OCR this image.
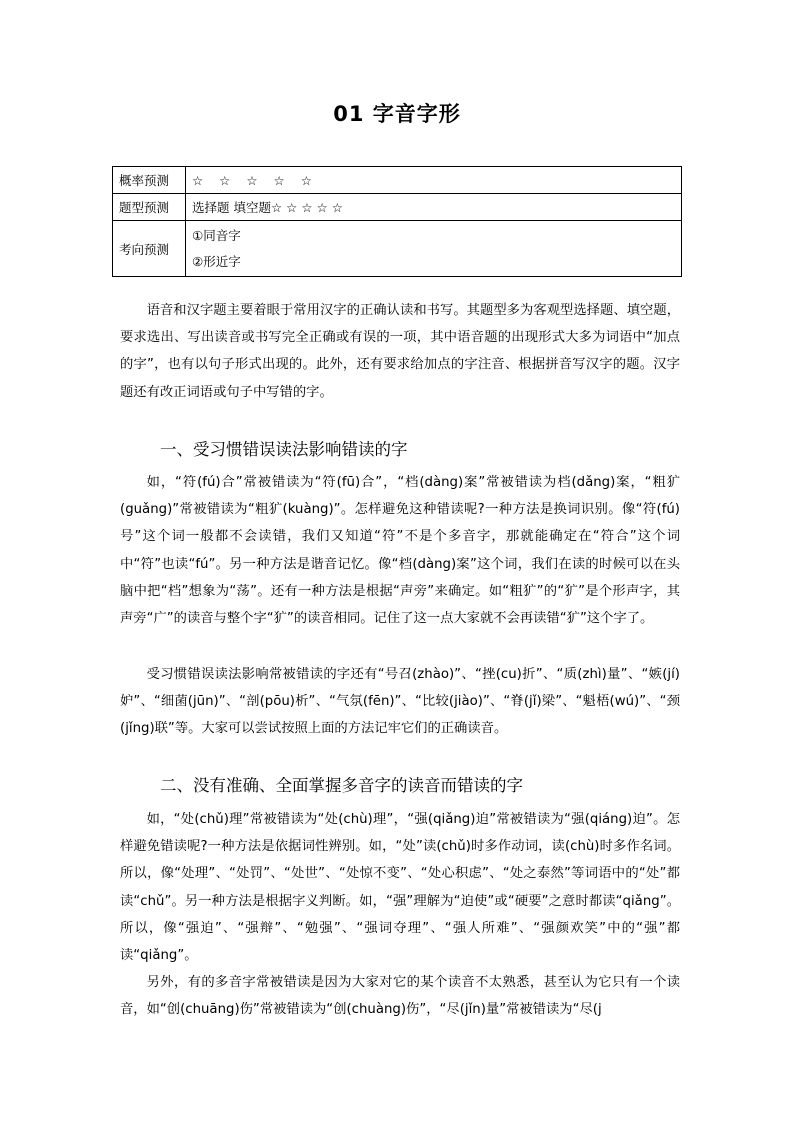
01 字音字形
概率预测	☆ ☆ ☆ ☆ ☆
题型预测	选择题 填空题☆ ☆ ☆ ☆ ☆
考向预测	①同音字
②形近字

语音和汉字题主要着眼于常用汉字的正确认读和书写。其题型多为客观型选择题、填空题，要求选出、写出读音或书写完全正确或有误的一项，其中语音题的出现形式大多为词语中“加点的字”，也有以句子形式出现的。此外，还有要求给加点的字注音、根据拼音写汉字的题。汉字题还有改正词语或句子中写错的字。

一、受习惯错误读法影响错读的字

如，“符(fú)合”常被错读为“符(fū)合”，“档(dàng)案”常被错读为档(dǎng)案，“粗犷(guǎng)”常被错读为“粗犷(kuàng)”。怎样避免这种错读呢?一种方法是换词识别。像“符(fú)号”这个词一般都不会读错，我们又知道“符”不是个多音字，那就能确定在“符合”这个词中“符”也读“fú”。另一种方法是谐音记忆。像“档(dàng)案”这个词，我们在读的时候可以在头脑中把“档”想象为“荡”。还有一种方法是根据“声旁”来确定。如“粗犷”的“犷”是个形声字，其声旁“广”的读音与整个字“犷”的读音相同。记住了这一点大家就不会再读错“犷”这个字了。

受习惯错误读法影响常被错读的字还有“号召(zhào)”、“挫(cu)折”、“质(zhì)量”、“嫉(jí)妒”、“细菌(jūn)”、“剖(pōu)析”、“气氛(fēn)”、“比较(jiào)”、“脊(jǐ)梁”、“魁梧(wú)”、“颈(jǐng)联”等。大家可以尝试按照上面的方法记牢它们的正确读音。

二、没有准确、全面掌握多音字的读音而错读的字

如，“处(chǔ)理”常被错读为“处(chù)理”，“强(qiǎng)迫”常被错读为“强(qiáng)迫”。怎样避免错读呢?一种方法是依据词性辨别。如，“处”读(chǔ)时多作动词，读(chù)时多作名词。所以，像“处理”、“处罚”、“处世”、“处惊不变”、“处心积虑”、“处之泰然”等词语中的“处”都读“chǔ”。另一种方法是根据字义判断。如，“强”理解为“迫使”或“硬要”之意时都读“qiǎng”。所以，像“强迫”、“强辩”、“勉强”、“强词夺理”、“强人所难”、“强颜欢笑”中的“强”都读“qiǎng”。

另外，有的多音字常被错读是因为大家对它的某个读音不太熟悉，甚至认为它只有一个读音，如“创(chuāng)伤”常被错读为“创(chuàng)伤”，“尽(jǐn)量”常被错读为“尽(j
